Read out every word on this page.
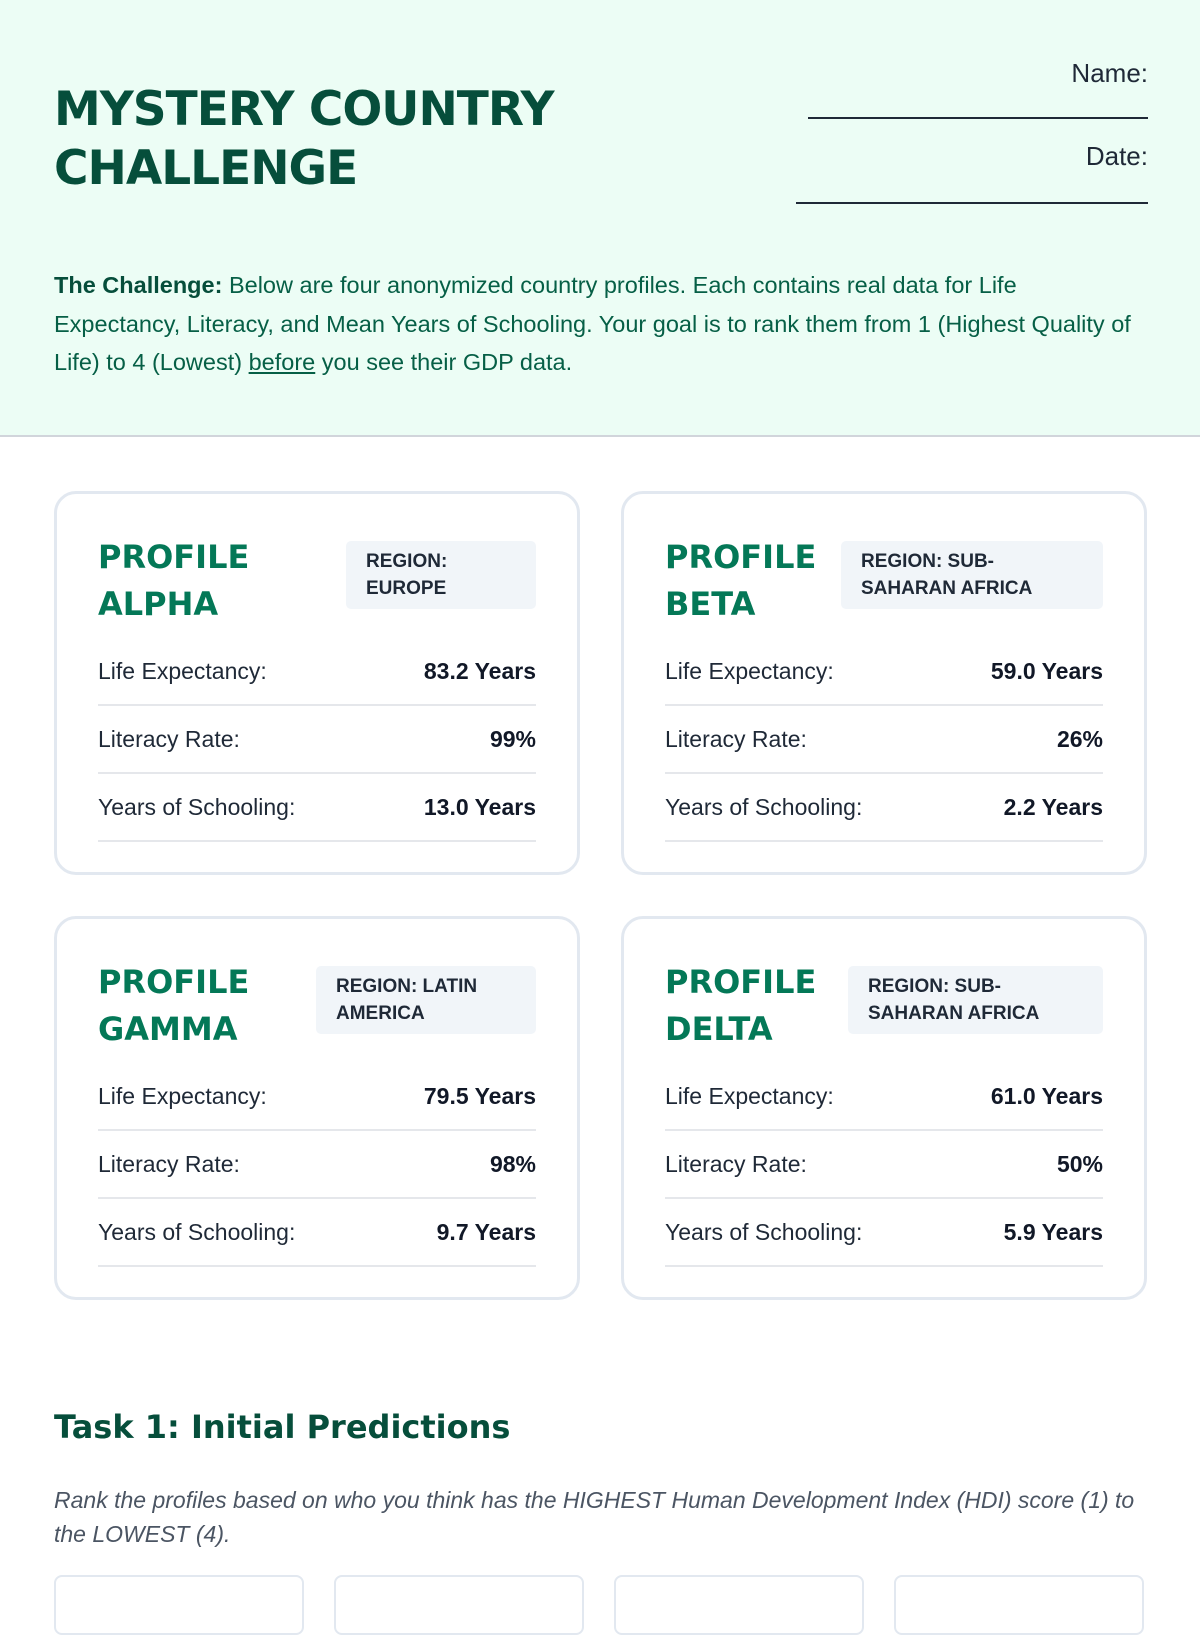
MYSTERY COUNTRY
CHALLENGE
Name:
Date:

The Challenge: Below are four anonymized country profiles. Each contains real data for Life Expectancy, Literacy, and Mean Years of Schooling. Your goal is to rank them from 1 (Highest Quality of Life) to 4 (Lowest) before you see their GDP data.

PROFILE
ALPHA
REGION: EUROPE
Life Expectancy:	83.2 Years
Literacy Rate:	99%
Years of Schooling:	13.0 Years
PROFILE
BETA
REGION: SUB-SAHARAN AFRICA
Life Expectancy:	59.0 Years
Literacy Rate:	26%
Years of Schooling:	2.2 Years
PROFILE
GAMMA
REGION: LATIN AMERICA
Life Expectancy:	79.5 Years
Literacy Rate:	98%
Years of Schooling:	9.7 Years
PROFILE
DELTA
REGION: SUB-SAHARAN AFRICA
Life Expectancy:	61.0 Years
Literacy Rate:	50%
Years of Schooling:	5.9 Years
Task 1: Initial Predictions

Rank the profiles based on who you think has the HIGHEST Human Development Index (HDI) score (1) to the LOWEST (4).
